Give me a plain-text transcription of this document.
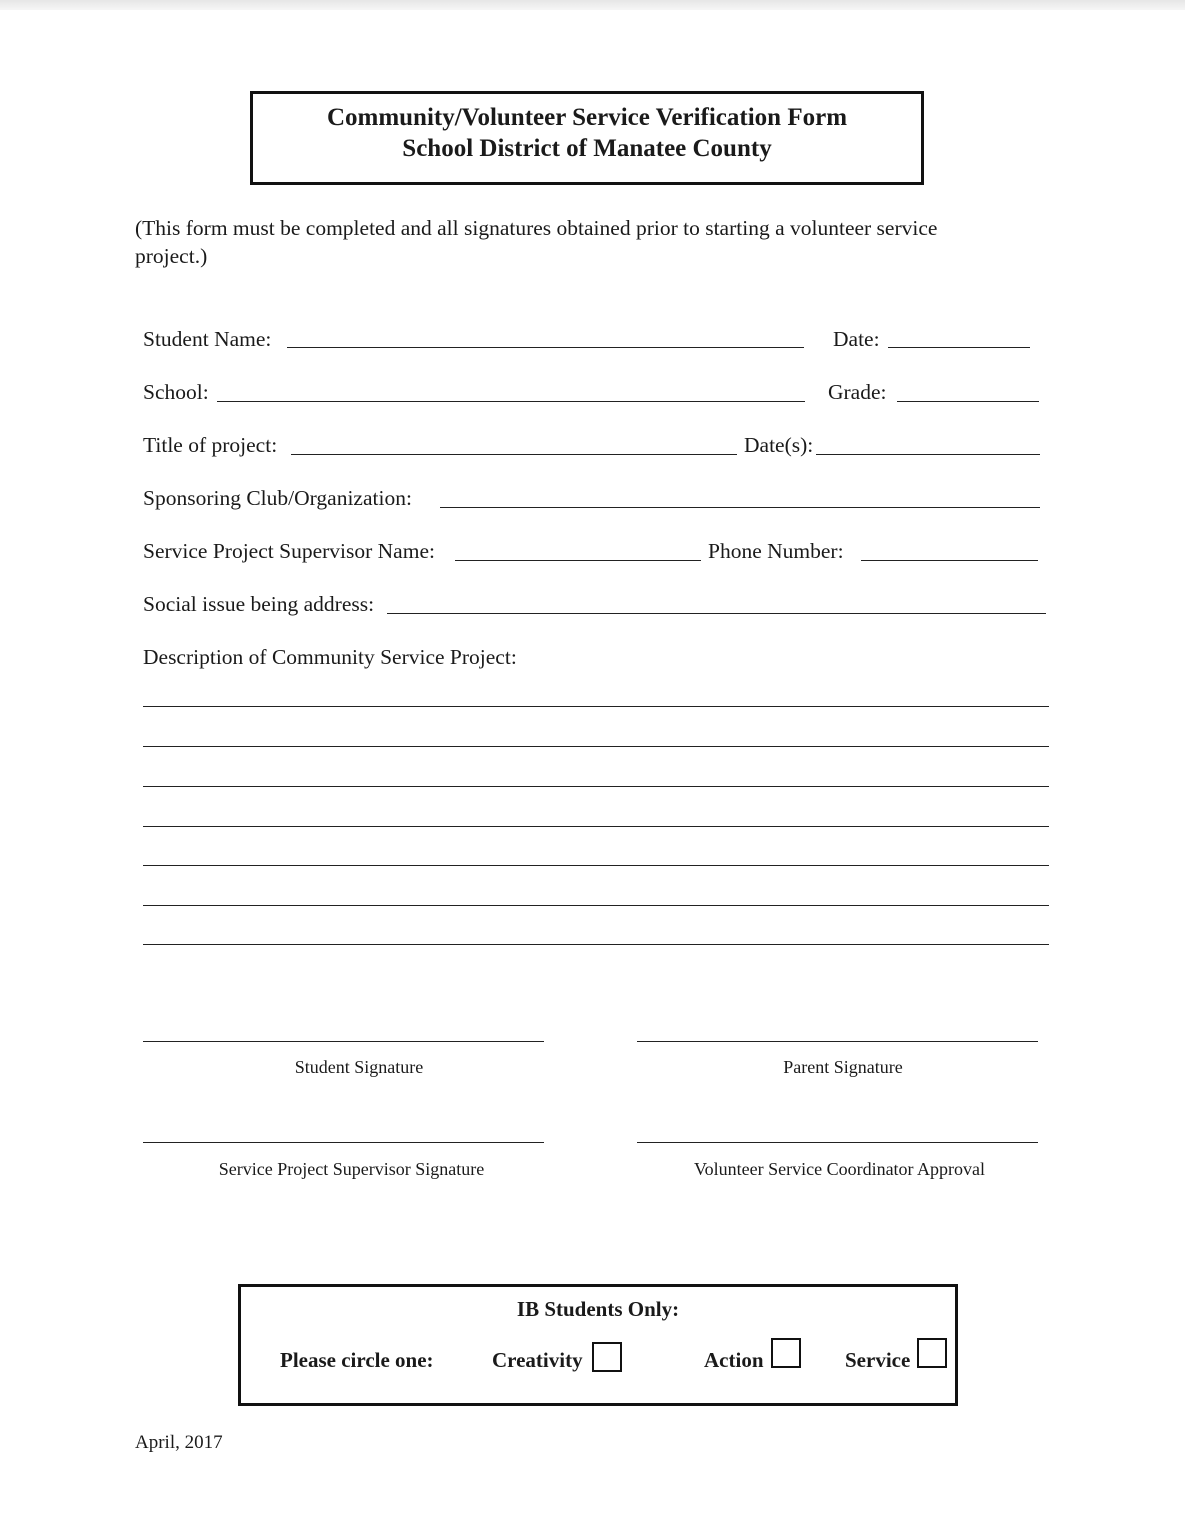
Community/Volunteer Service Verification Form
School District of Manatee County
(This form must be completed and all signatures obtained prior to starting a volunteer service project.)
Student Name:	Date:
School:	Grade:
Title of project:	Date(s):
Sponsoring Club/Organization:
Service Project Supervisor Name:	Phone Number:
Social issue being address:
Description of Community Service Project:
Student Signature	Parent Signature
Service Project Supervisor Signature	Volunteer Service Coordinator Approval
IB Students Only:
Please circle one:	Creativity	Action	Service
April, 2017
